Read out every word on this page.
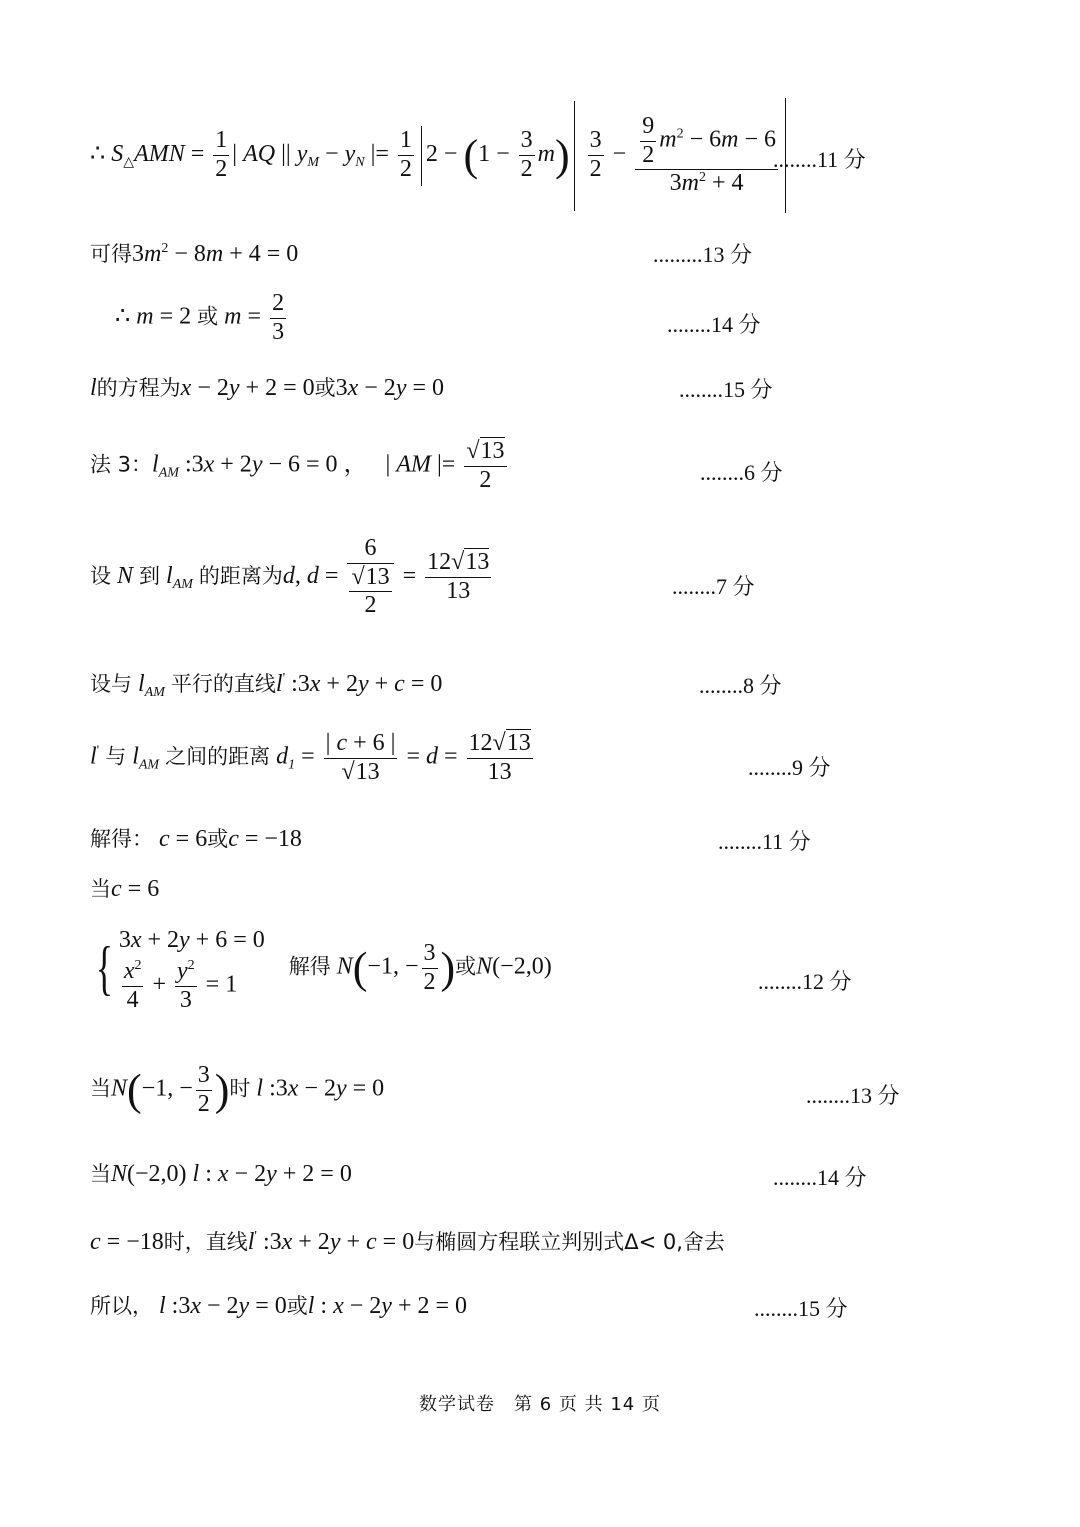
∴ $S_\triangle AMN = \frac{1}{2}$ | AQ || $y_M - y_N$ |= $\frac{1}{2} 2 - (1 - \frac{3}{2} m) \frac{3}{2} - \frac{\frac{9}{2} m^2 - 6m - 6}{3m^2 + 4}$
........11 分
可得$3m^2 - 8m + 4 = 0$	.........13 分
∴ m = 2 或 $m = \frac{2}{3}$	........14 分
l的方程为x − 2y + 2 = 0或3x − 2y = 0	........15 分
法 3：$l_{AM}$ :3x + 2y − 6 = 0 ，   | AM |= $\frac{√13}{2}$	........6 分
设 N 到 $l_{AM}$ 的距离为d, $d = \frac{6}{\frac{√13}{2}} = \frac{12√13}{13}$	........7 分
设与 $l_{AM}$ 平行的直线l' :3x + 2y + c = 0	........8 分
l' 与 $l_{AM}$ 之间的距离 $d_1 = \frac{| c + 6 |}{√13} = d = \frac{12√13}{13}$	........9 分
解得： c = 6或c = −18	........11 分
当c = 6
{ 3x + 2y + 6 = 0
$\frac{x^2}{4} + \frac{y^2}{3} = 1$
解得 N(−1, − $\frac{3}{2}$ )或N(−2,0)
........12 分
当N(−1, − $\frac{3}{2}$ )时 l :3x − 2y = 0	........13 分
当N(−2,0) l : x − 2y + 2 = 0	........14 分
c = −18时，直线l' :3x + 2y + c = 0与椭圆方程联立判别式Δ< 0,舍去
所以， l :3x − 2y = 0或l : x − 2y + 2 = 0	........15 分
数学试卷　第 6 页 共 14 页
